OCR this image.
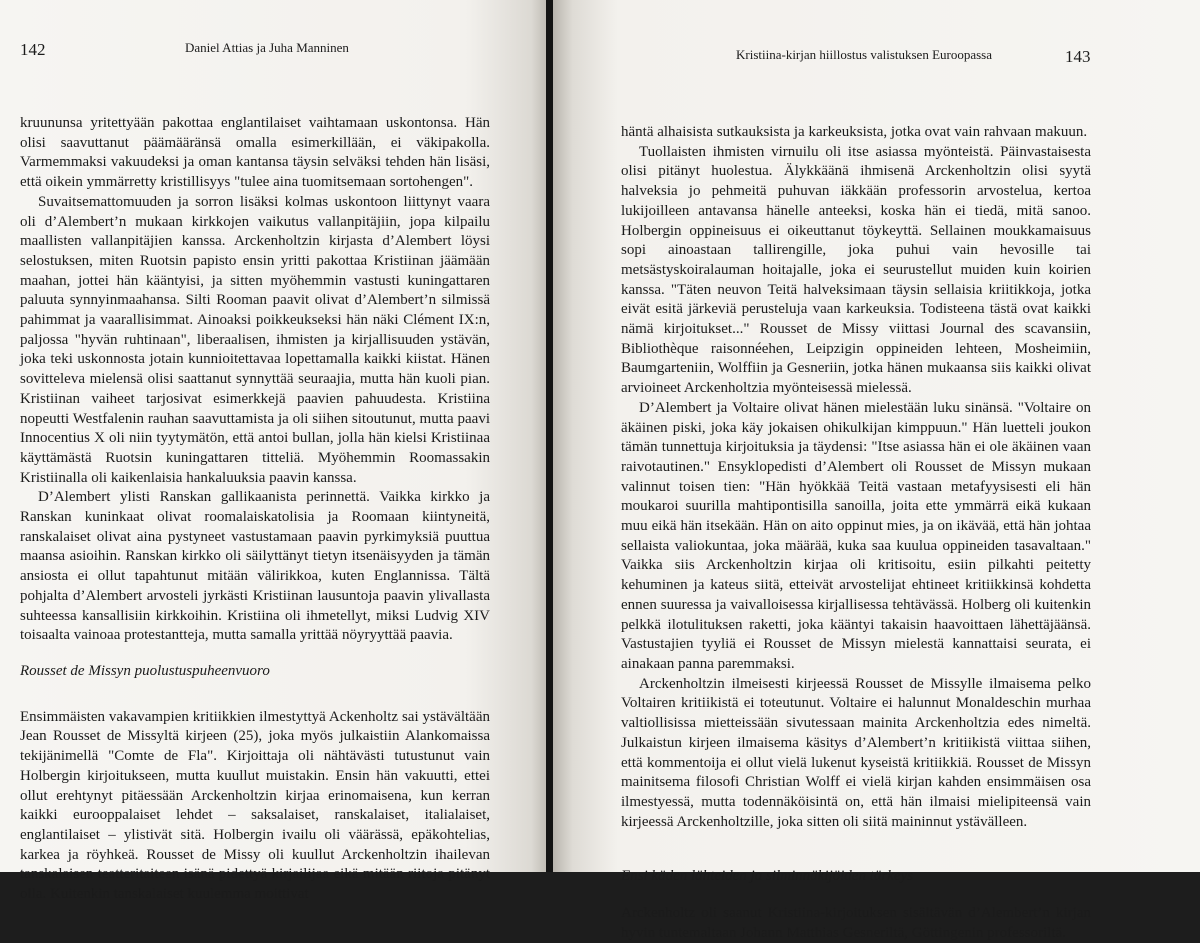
142	Daniel Attias ja Juha Manninen

kruununsa yritettyään pakottaa englantilaiset vaihtamaan uskontonsa. Hän olisi saavuttanut päämääränsä omalla esimerkillään, ei väkipakolla. Varmemmaksi vakuudeksi ja oman kantansa täysin selväksi tehden hän lisäsi, että oikein ymmärretty kristillisyys "tulee aina tuomitsemaan sortohengen".

Suvaitsemattomuuden ja sorron lisäksi kolmas uskontoon liittynyt vaara oli d’Alembert’n mukaan kirkkojen vaikutus vallanpitäjiin, jopa kilpailu maallisten vallanpitäjien kanssa. Arckenholtzin kirjasta d’Alembert löysi selostuksen, miten Ruotsin papisto ensin yritti pakottaa Kristiinan jäämään maahan, jottei hän kääntyisi, ja sitten myöhemmin vastusti kuningattaren paluuta synnyinmaahansa. Silti Rooman paavit olivat d’Alembert’n silmissä pahimmat ja vaarallisimmat. Ainoaksi poikkeukseksi hän näki Clément IX:n, paljossa "hyvän ruhtinaan", liberaalisen, ihmisten ja kirjallisuuden ystävän, joka teki uskonnosta jotain kunnioitettavaa lopettamalla kaikki kiistat. Hänen sovitteleva mielensä olisi saattanut synnyttää seuraajia, mutta hän kuoli pian. Kristiinan vaiheet tarjosivat esimerkkejä paavien pahuudesta. Kristiina nopeutti Westfalenin rauhan saavuttamista ja oli siihen sitoutunut, mutta paavi Innocentius X oli niin tyytymätön, että antoi bullan, jolla hän kielsi Kristiinaa käyttämästä Ruotsin kuningattaren titteliä. Myöhemmin Roomassakin Kristiinalla oli kaikenlaisia hankaluuksia paavin kanssa.

D’Alembert ylisti Ranskan gallikaanista perinnettä. Vaikka kirkko ja Ranskan kuninkaat olivat roomalaiskatolisia ja Roomaan kiintyneitä, ranskalaiset olivat aina pystyneet vastustamaan paavin pyrkimyksiä puuttua maansa asioihin. Ranskan kirkko oli säilyttänyt tietyn itsenäisyyden ja tämän ansiosta ei ollut tapahtunut mitään välirikkoa, kuten Englannissa. Tältä pohjalta d’Alembert arvosteli jyrkästi Kristiinan lausuntoja paavin ylivallasta suhteessa kansallisiin kirkkoihin. Kristiina oli ihmetellyt, miksi Ludvig XIV toisaalta vainoaa protestantteja, mutta samalla yrittää nöyryyttää paavia.

Rousset de Missyn puolustuspuheenvuoro

Ensimmäisten vakavampien kritiikkien ilmestyttyä Ackenholtz sai ystävältään Jean Rousset de Missyltä kirjeen (25), joka myös julkaistiin Alankomaissa tekijänimellä "Comte de Fla". Kirjoittaja oli nähtävästi tutustunut vain Holbergin kirjoitukseen, mutta kuullut muistakin. Ensin hän vakuutti, ettei ollut erehtynyt pitäessään Arckenholtzin kirjaa erinomaisena, kun kerran kaikki eurooppalaiset lehdet – saksalaiset, ranskalaiset, italialaiset, englantilaiset – ylistivät sitä. Holbergin ivailu oli väärässä, epäkohtelias, karkea ja röyhkeä. Rousset de Missy oli kuullut Arckenholtzin ihailevan tanskalaisen teatteritaiteen isänä pidettyä kirjailijaa eikä mitään riitoja pitänyt olla. Kuitenkin tanskalaiset kuulemma moittivat

Kristiina-kirjan hiillostus valistuksen Euroopassa	143

häntä alhaisista sutkauksista ja karkeuksista, jotka ovat vain rahvaan makuun.

Tuollaisten ihmisten virnuilu oli itse asiassa myönteistä. Päinvastaisesta olisi pitänyt huolestua. Älykkäänä ihmisenä Arckenholtzin olisi syytä halveksia jo pehmeitä puhuvan iäkkään professorin arvostelua, kertoa lukijoilleen antavansa hänelle anteeksi, koska hän ei tiedä, mitä sanoo. Holbergin oppineisuus ei oikeuttanut töykeyttä. Sellainen moukkamaisuus sopi ainoastaan tallirengille, joka puhui vain hevosille tai metsästyskoiralauman hoitajalle, joka ei seurustellut muiden kuin koirien kanssa. "Täten neuvon Teitä halveksimaan täysin sellaisia kriitikkoja, jotka eivät esitä järkeviä perusteluja vaan karkeuksia. Todisteena tästä ovat kaikki nämä kirjoitukset..." Rousset de Missy viittasi Journal des scavansiin, Bibliothèque raisonnéehen, Leipzigin oppineiden lehteen, Mosheimiin, Baumgarteniin, Wolffiin ja Gesneriin, jotka hänen mukaansa siis kaikki olivat arvioineet Arckenholtzia myönteisessä mielessä.

D’Alembert ja Voltaire olivat hänen mielestään luku sinänsä. "Voltaire on äkäinen piski, joka käy jokaisen ohikulkijan kimppuun." Hän luetteli joukon tämän tunnettuja kirjoituksia ja täydensi: "Itse asiassa hän ei ole äkäinen vaan raivotautinen." Ensyklopedisti d’Alembert oli Rousset de Missyn mukaan valinnut toisen tien: "Hän hyökkää Teitä vastaan metafyysisesti eli hän moukaroi suurilla mahtipontisilla sanoilla, joita ette ymmärrä eikä kukaan muu eikä hän itsekään. Hän on aito oppinut mies, ja on ikävää, että hän johtaa sellaista valiokuntaa, joka määrää, kuka saa kuulua oppineiden tasavaltaan." Vaikka siis Arckenholtzin kirjaa oli kritisoitu, esiin pilkahti peitetty kehuminen ja kateus siitä, etteivät arvostelijat ehtineet kritiikkinsä kohdetta ennen suuressa ja vaivalloisessa kirjallisessa tehtävässä. Holberg oli kuitenkin pelkkä ilotulituksen raketti, joka kääntyi takaisin haavoittaen lähettäjäänsä. Vastustajien tyyliä ei Rousset de Missyn mielestä kannattaisi seurata, ei ainakaan panna paremmaksi.

Arckenholtzin ilmeisesti kirjeessä Rousset de Missylle ilmaisema pelko Voltairen kritiikistä ei toteutunut. Voltaire ei halunnut Monaldeschin murhaa valtiollisissa mietteissään sivutessaan mainita Arckenholtzia edes nimeltä. Julkaistun kirjeen ilmaisema käsitys d’Alembert’n kritiikistä viittaa siihen, että kommentoija ei ollut vielä lukenut kyseistä kritiikkiä. Rousset de Missyn mainitsema filosofi Christian Wolff ei vielä kirjan kahden ensimmäisen osa ilmestyessä, mutta todennäköisintä on, että hän ilmaisi mielipiteensä vain kirjeessä Arckenholtzille, joka sitten oli siitä maininnut ystävälleen.

Ensi käden lähteiden ja silminnäkijöiden tärkeys

Arckenholtz oli saanut Kristiina-kirjoituksen sisältävän d’Alembert’n kirjan hyvin tuntemaltaan Johann Matthias Gesneriltä, Göttingenin professoriltä.
